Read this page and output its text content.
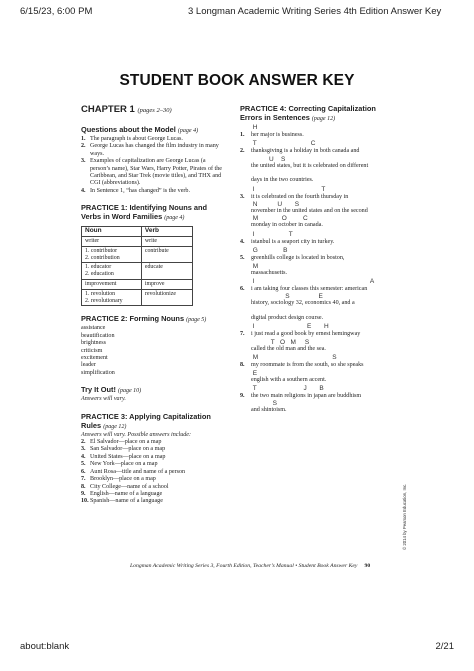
6/15/23, 6:00 PM	3 Longman Academic Writing Series 4th Edition Answer Key
STUDENT BOOK ANSWER KEY
CHAPTER 1 (pages 2–30)
Questions about the Model (page 4)
1. The paragraph is about George Lucas.
2. George Lucas has changed the film industry in many ways.
3. Examples of capitalization are George Lucas (a person’s name), Star Wars, Harry Potter, Pirates of the Caribbean, and Star Trek (movie titles), and THX and CGI (abbreviations).
4. In Sentence 1, “has changed” is the verb.
PRACTICE 1: Identifying Nouns and Verbs in Word Families (page 4)
Noun	Verb

writer	write

1. contributor
2. contribution	contribute

1. educator
2. education	educate

improvement	improve

1. revolution
2. revolutionary	revolutionize
PRACTICE 2: Forming Nouns (page 5)
assistance
beautification
brightness
criticism
excitement
leader
simplification
Try It Out! (page 10)
Answers will vary.
PRACTICE 3: Applying Capitalization Rules (page 12)
Answers will vary. Possible answers include:
2. El Salvador—place on a map
3. San Salvador—place on a map
4. United States—place on a map
5. New York—place on a map
6. Aunt Rosa—title and name of a person
7. Brooklyn—place on a map
8. City College—name of a school
9. English—name of a language
10. Spanish—name of a language
PRACTICE 4: Correcting Capitalization Errors in Sentences (page 12)
1.
H
her major is business.
2.
T                              C
thanksgiving is a holiday in both canada and
U    S
the united states, but it is celebrated on different
days in the two countries.
3.
I                                     T
it is celebrated on the fourth thursday in
N           U       S
november in the united states and on the second
M             O         C
monday in october in canada.
4.
I                   T
istanbul is a seaport city in turkey.
5.
G              B
greenhills college is located in boston,
M
massachusetts.
6.
I                                                                A
i am taking four classes this semester: american
S                E
history, sociology 32, economics 40, and a
digital product design course.
7.
I                             E       H
i just read a good book by ernest hemingway
T   O   M     S
called the old man and the sea.
8.
M                                         S
my roommate is from the south, so she speaks
E
english with a southern accent.
9.
T                          J       B
the two main religions in japan are buddhism
S
and shintoism.
Longman Academic Writing Series 3, Fourth Edition, Teacher’s Manual • Student Book Answer Key 90
© 2014 by Pearson Education, Inc.
about:blank	2/21
